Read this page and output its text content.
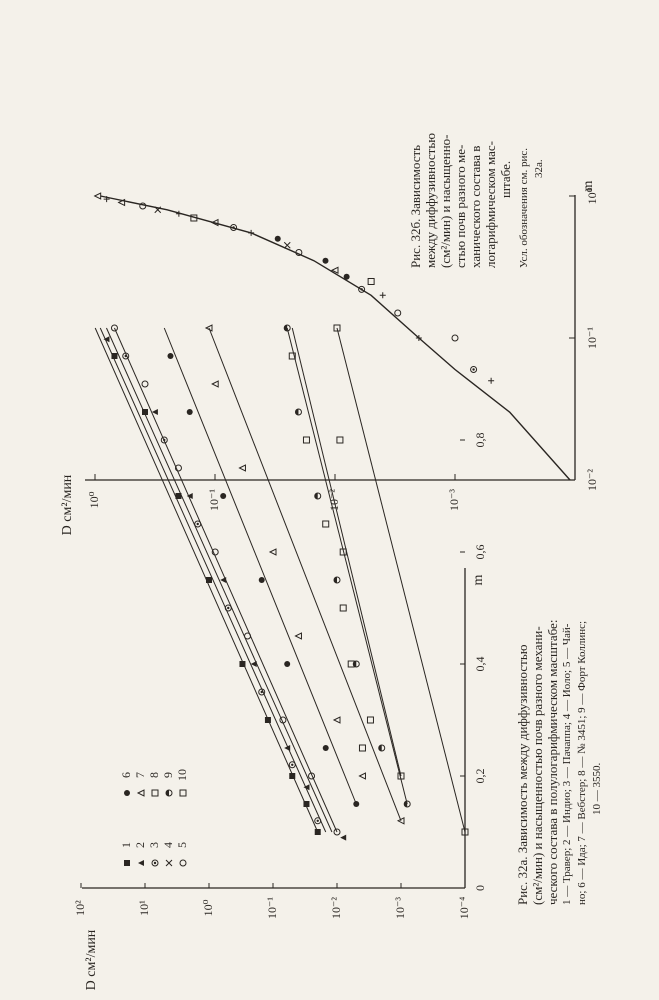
0
0,2
0,4
0,6
0,8
m
10²	10¹	10⁰	10⁻¹	10⁻²	10⁻³	10⁻⁴
D см²/мин
1 2 3 4 5
6 7 8 9 10
10⁻²
10⁻¹
10⁰
m
10⁰	10⁻¹	10⁻²	10⁻³
D см²/мин
Рис. 32а. Зависимость между диффузивностью (см²/мин) и насыщенностью почв разного механи- ческого состава в полулогарифмическом масштабе: 1 — Травер; 2 — Индио; 3 — Пачаппа; 4 — Иоло; 5 — Чай- но; 6 — Ида; 7 — Вебстер; 8 — № 3451; 9 — Форт Коллинс; 10 — 3550.
Рис. 32б. Зависимость между диффузивностью (см²/мин) и насыщенно- стью почв разного ме- ханического состава в логарифмическом мас- штабе. Усл. обозначения см. рис. 32а.
